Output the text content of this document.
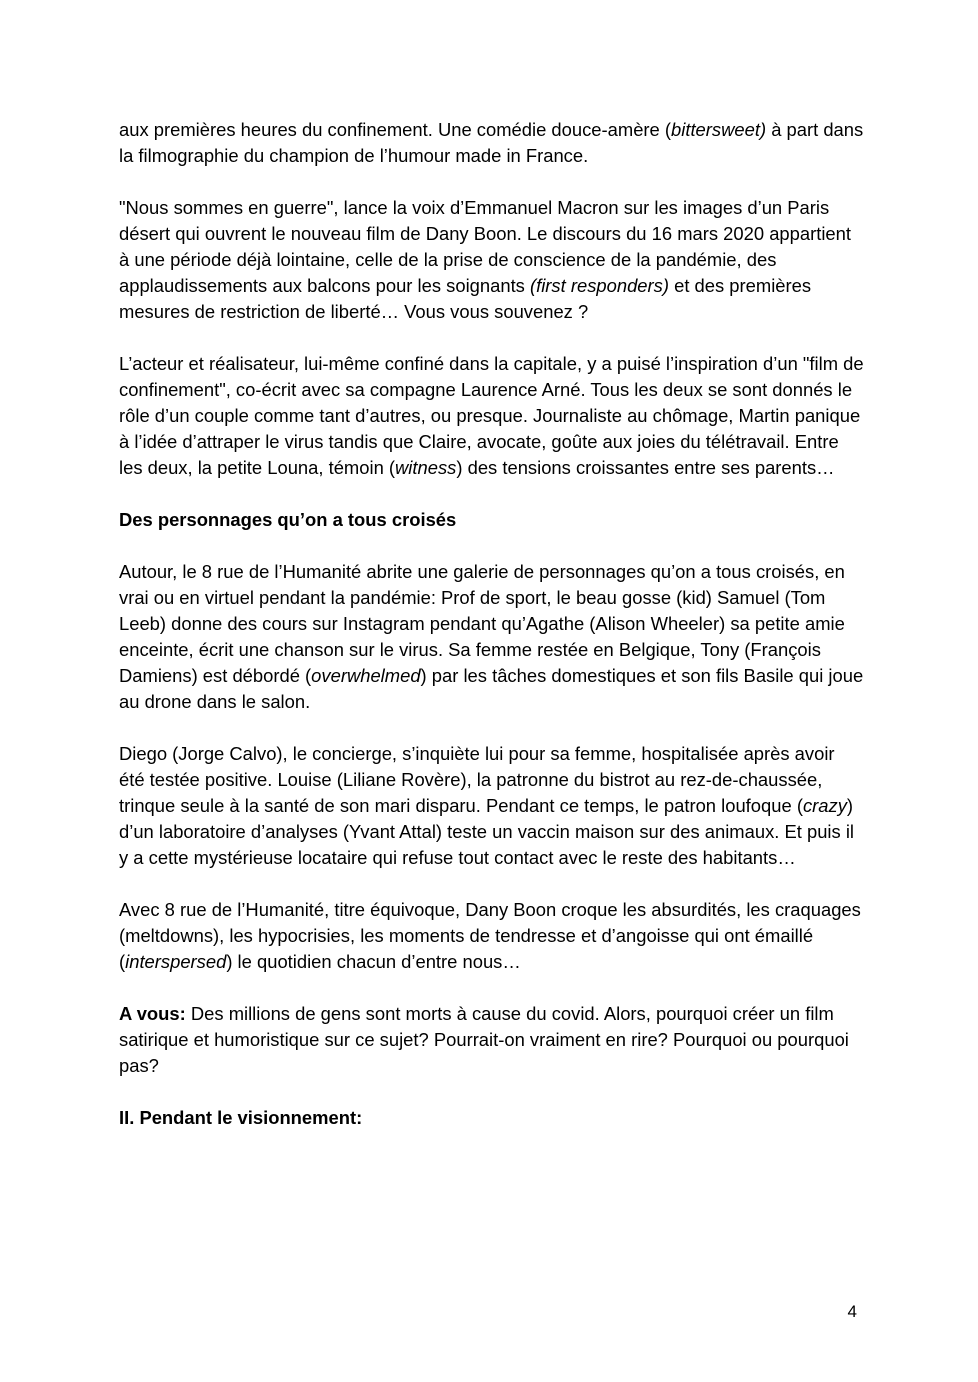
aux premières heures du confinement. Une comédie douce-amère (bittersweet) à part dans la filmographie du champion de l’humour made in France.

"Nous sommes en guerre", lance la voix d’Emmanuel Macron sur les images d’un Paris désert qui ouvrent le nouveau film de Dany Boon. Le discours du 16 mars 2020 appartient à une période déjà lointaine, celle de la prise de conscience de la pandémie, des applaudissements aux balcons pour les soignants (first responders) et des premières mesures de restriction de liberté… Vous vous souvenez ?

L’acteur et réalisateur, lui-même confiné dans la capitale, y a puisé l’inspiration d’un "film de confinement", co-écrit avec sa compagne Laurence Arné. Tous les deux se sont donnés le rôle d’un couple comme tant d’autres, ou presque. Journaliste au chômage, Martin panique à l’idée d’attraper le virus tandis que Claire, avocate, goûte aux joies du télétravail. Entre les deux, la petite Louna, témoin (witness) des tensions croissantes entre ses parents…

Des personnages qu’on a tous croisés

Autour, le 8 rue de l’Humanité abrite une galerie de personnages qu’on a tous croisés, en vrai ou en virtuel pendant la pandémie: Prof de sport, le beau gosse (kid) Samuel (Tom Leeb) donne des cours sur Instagram pendant qu’Agathe (Alison Wheeler) sa petite amie enceinte, écrit une chanson sur le virus. Sa femme restée en Belgique, Tony (François Damiens) est débordé (overwhelmed) par les tâches domestiques et son fils Basile qui joue au drone dans le salon.

Diego (Jorge Calvo), le concierge, s’inquiète lui pour sa femme, hospitalisée après avoir été testée positive. Louise (Liliane Rovère), la patronne du bistrot au rez-de-chaussée, trinque seule à la santé de son mari disparu. Pendant ce temps, le patron loufoque (crazy) d’un laboratoire d’analyses (Yvant Attal) teste un vaccin maison sur des animaux. Et puis il y a cette mystérieuse locataire qui refuse tout contact avec le reste des habitants…

Avec 8 rue de l’Humanité, titre équivoque, Dany Boon croque les absurdités, les craquages (meltdowns), les hypocrisies, les moments de tendresse et d’angoisse qui ont émaillé (interspersed) le quotidien chacun d’entre nous…

A vous: Des millions de gens sont morts à cause du covid. Alors, pourquoi créer un film satirique et humoristique sur ce sujet? Pourrait-on vraiment en rire? Pourquoi ou pourquoi pas?

II. Pendant le visionnement:

4
